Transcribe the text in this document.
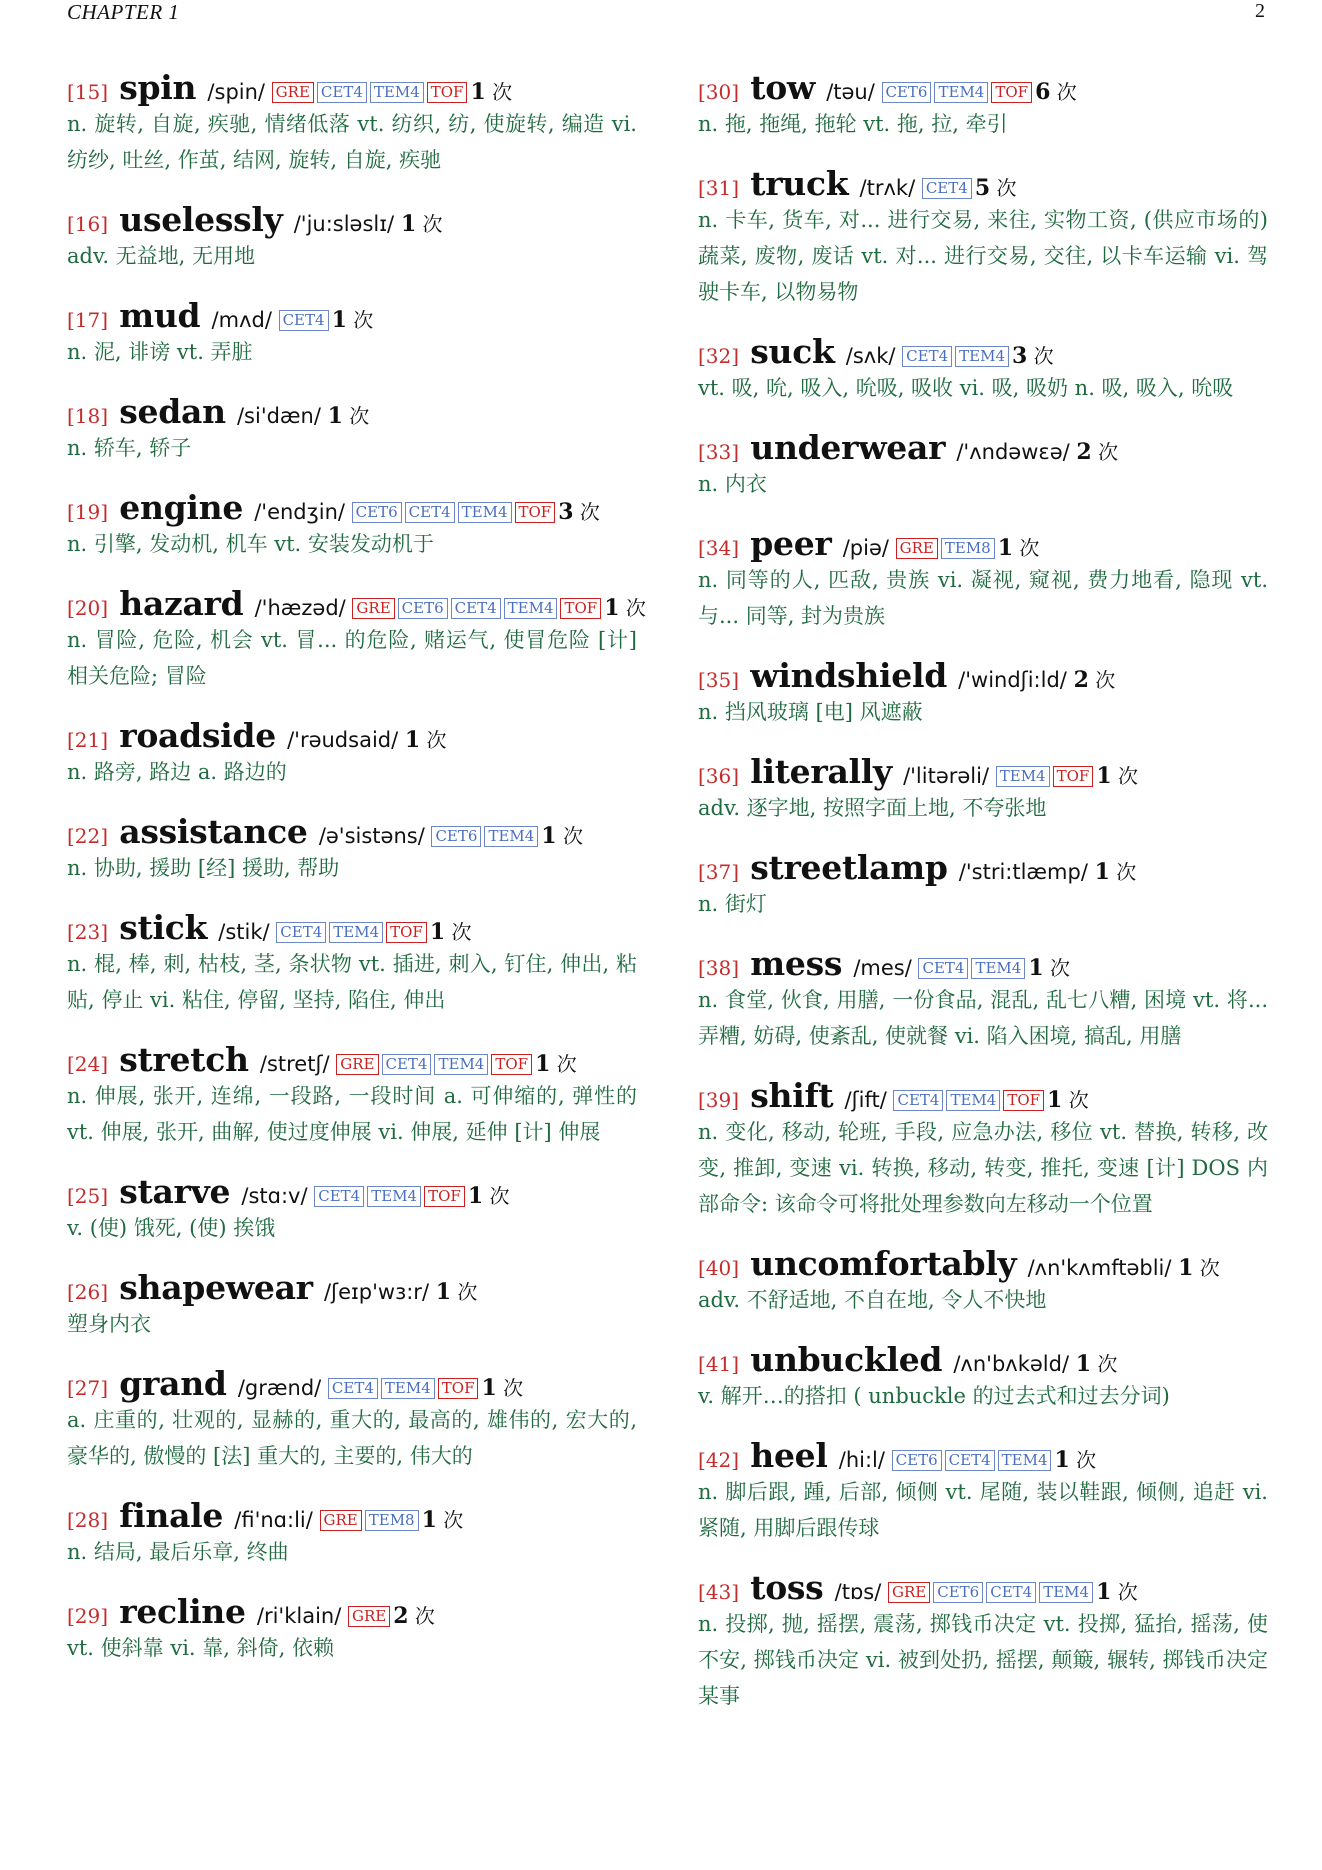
CHAPTER 1	2
[15] spin /spin/ GRE CET4 TEM4 TOF 1 次
n. 旋转, 自旋, 疾驰, 情绪低落 vt. 纺织, 纺, 使旋转, 编造 vi. 纺纱, 吐丝, 作茧, 结网, 旋转, 自旋, 疾驰
[16] uselessly /'ju:sləslɪ/ 1 次
adv. 无益地, 无用地
[17] mud /mʌd/ CET4 1 次
n. 泥, 诽谤 vt. 弄脏
[18] sedan /si'dæn/ 1 次
n. 轿车, 轿子
[19] engine /'endʒin/ CET6 CET4 TEM4 TOF 3 次
n. 引擎, 发动机, 机车 vt. 安装发动机于
[20] hazard /'hæzəd/ GRE CET6 CET4 TEM4 TOF 1 次
n. 冒险, 危险, 机会 vt. 冒... 的危险, 赌运气, 使冒危险 [计] 相关危险; 冒险
[21] roadside /'rəudsaid/ 1 次
n. 路旁, 路边 a. 路边的
[22] assistance /ə'sistəns/ CET6 TEM4 1 次
n. 协助, 援助 [经] 援助, 帮助
[23] stick /stik/ CET4 TEM4 TOF 1 次
n. 棍, 棒, 刺, 枯枝, 茎, 条状物 vt. 插进, 刺入, 钉住, 伸出, 粘贴, 停止 vi. 粘住, 停留, 坚持, 陷住, 伸出
[24] stretch /stretʃ/ GRE CET4 TEM4 TOF 1 次
n. 伸展, 张开, 连绵, 一段路, 一段时间 a. 可伸缩的, 弹性的 vt. 伸展, 张开, 曲解, 使过度伸展 vi. 伸展, 延伸 [计] 伸展
[25] starve /stɑ:v/ CET4 TEM4 TOF 1 次
v. (使) 饿死, (使) 挨饿
[26] shapewear /ʃeɪp'wɜ:r/ 1 次
塑身内衣
[27] grand /grænd/ CET4 TEM4 TOF 1 次
a. 庄重的, 壮观的, 显赫的, 重大的, 最高的, 雄伟的, 宏大的, 豪华的, 傲慢的 [法] 重大的, 主要的, 伟大的
[28] finale /fi'nɑ:li/ GRE TEM8 1 次
n. 结局, 最后乐章, 终曲
[29] recline /ri'klain/ GRE 2 次
vt. 使斜靠 vi. 靠, 斜倚, 依赖
[30] tow /təu/ CET6 TEM4 TOF 6 次
n. 拖, 拖绳, 拖轮 vt. 拖, 拉, 牵引
[31] truck /trʌk/ CET4 5 次
n. 卡车, 货车, 对... 进行交易, 来往, 实物工资, (供应市场的) 蔬菜, 废物, 废话 vt. 对... 进行交易, 交往, 以卡车运输 vi. 驾驶卡车, 以物易物
[32] suck /sʌk/ CET4 TEM4 3 次
vt. 吸, 吮, 吸入, 吮吸, 吸收 vi. 吸, 吸奶 n. 吸, 吸入, 吮吸
[33] underwear /'ʌndəwɛə/ 2 次
n. 内衣
[34] peer /piə/ GRE TEM8 1 次
n. 同等的人, 匹敌, 贵族 vi. 凝视, 窥视, 费力地看, 隐现 vt. 与... 同等, 封为贵族
[35] windshield /'windʃi:ld/ 2 次
n. 挡风玻璃 [电] 风遮蔽
[36] literally /'litərəli/ TEM4 TOF 1 次
adv. 逐字地, 按照字面上地, 不夸张地
[37] streetlamp /'stri:tlæmp/ 1 次
n. 街灯
[38] mess /mes/ CET4 TEM4 1 次
n. 食堂, 伙食, 用膳, 一份食品, 混乱, 乱七八糟, 困境 vt. 将... 弄糟, 妨碍, 使紊乱, 使就餐 vi. 陷入困境, 搞乱, 用膳
[39] shift /ʃift/ CET4 TEM4 TOF 1 次
n. 变化, 移动, 轮班, 手段, 应急办法, 移位 vt. 替换, 转移, 改变, 推卸, 变速 vi. 转换, 移动, 转变, 推托, 变速 [计] DOS 内部命令: 该命令可将批处理参数向左移动一个位置
[40] uncomfortably /ʌn'kʌmftəbli/ 1 次
adv. 不舒适地, 不自在地, 令人不快地
[41] unbuckled /ʌn'bʌkəld/ 1 次
v. 解开…的搭扣 ( unbuckle 的过去式和过去分词)
[42] heel /hi:l/ CET6 CET4 TEM4 1 次
n. 脚后跟, 踵, 后部, 倾侧 vt. 尾随, 装以鞋跟, 倾侧, 追赶 vi. 紧随, 用脚后跟传球
[43] toss /tɒs/ GRE CET6 CET4 TEM4 1 次
n. 投掷, 抛, 摇摆, 震荡, 掷钱币决定 vt. 投掷, 猛抬, 摇荡, 使不安, 掷钱币决定 vi. 被到处扔, 摇摆, 颠簸, 辗转, 掷钱币决定某事
